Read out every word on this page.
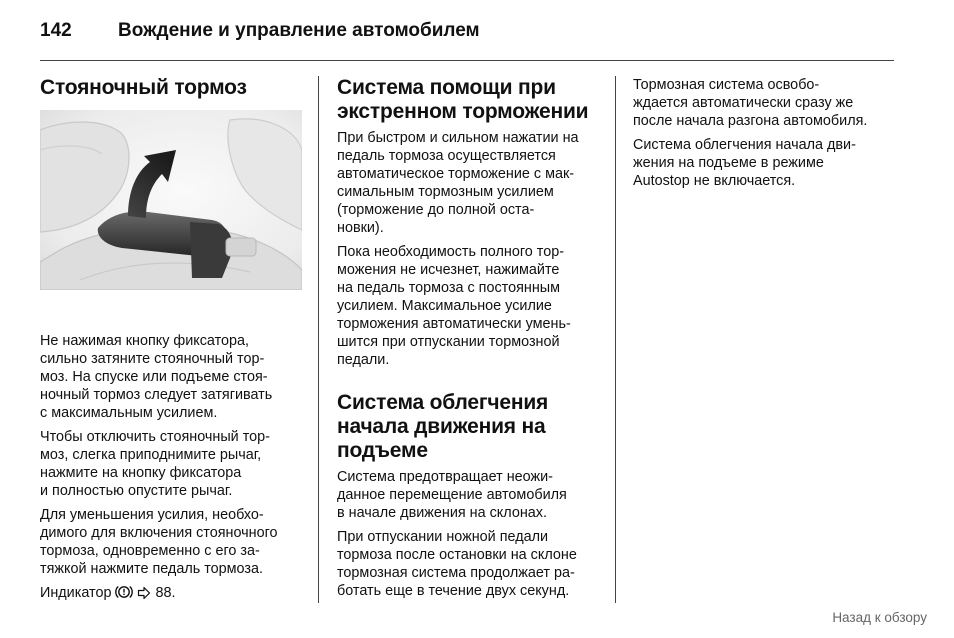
142 Вождение и управление автомобилем
Стояночный тормоз
Не нажимая кнопку фиксатора,
сильно затяните стояночный тор-
моз. На спуске или подъеме стоя-
ночный тормоз следует затягивать
с максимальным усилием.
Чтобы отключить стояночный тор-
моз, слегка приподнимите рычаг,
нажмите на кнопку фиксатора
и полностью опустите рычаг.
Для уменьшения усилия, необхо-
димого для включения стояночного
тормоза, одновременно с его за-
тяжкой нажмите педаль тормоза.
Индикатор	88.
Система помощи при
экстренном торможении
При быстром и сильном нажатии на
педаль тормоза осуществляется
автоматическое торможение с мак-
симальным тормозным усилием
(торможение до полной оста-
новки).
Пока необходимость полного тор-
можения не исчезнет, нажимайте
на педаль тормоза с постоянным
усилием. Максимальное усилие
торможения автоматически умень-
шится при отпускании тормозной
педали.
Система облегчения
начала движения на
подъеме
Система предотвращает неожи-
данное перемещение автомобиля
в начале движения на склонах.
При отпускании ножной педали
тормоза после остановки на склоне
тормозная система продолжает ра-
ботать еще в течение двух секунд.
Тормозная система освобо-
ждается автоматически сразу же
после начала разгона автомобиля.
Система облегчения начала дви-
жения на подъеме в режиме
Autostop не включается.
Назад к обзору
